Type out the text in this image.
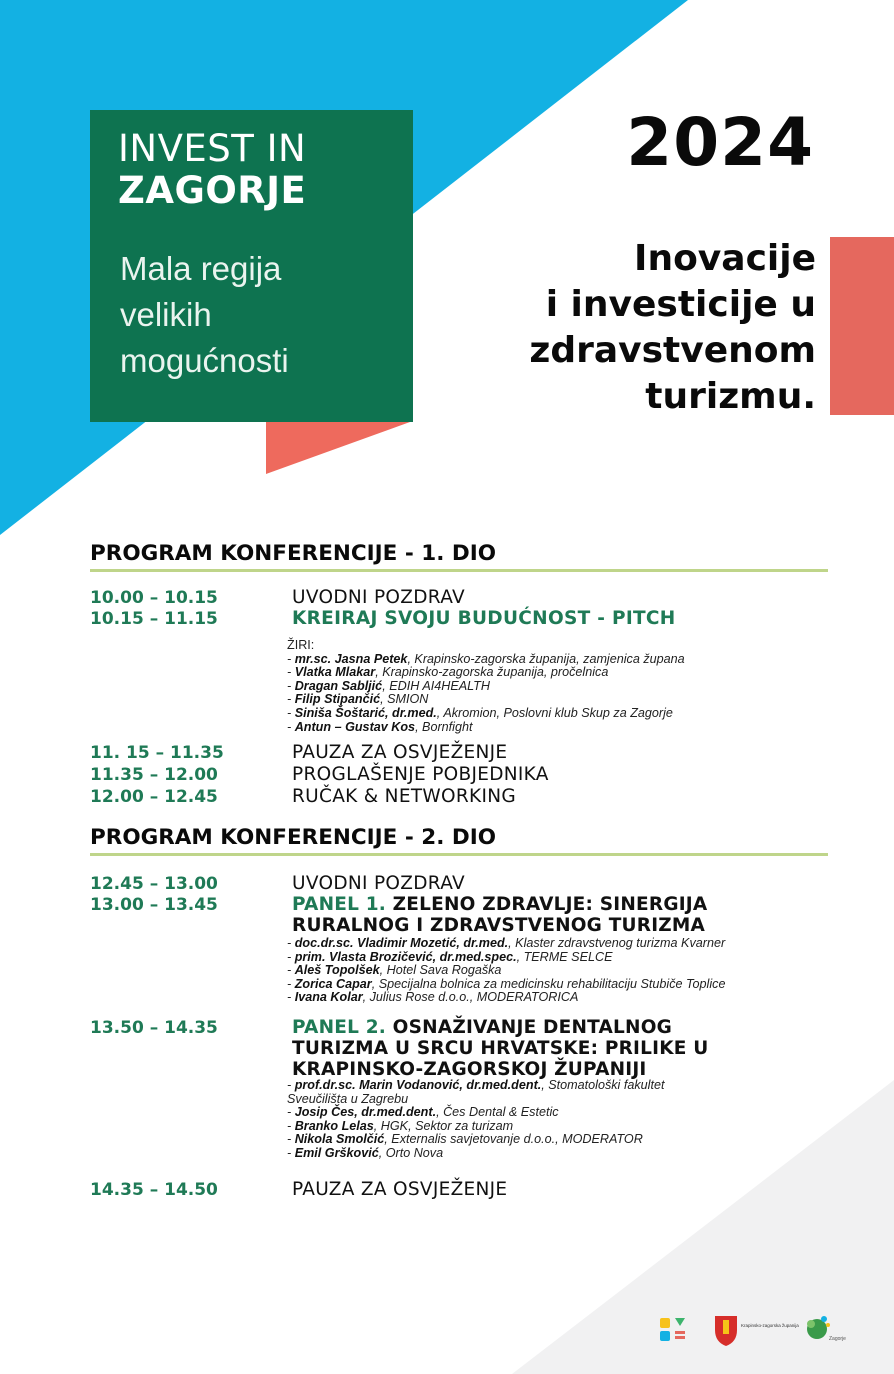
INVEST IN
ZAGORJE
Mala regija
velikih
mogućnosti
2024
Inovacije
i investicije u
zdravstvenom
turizmu.
PROGRAM KONFERENCIJE - 1. DIO
10.00 – 10.15	UVODNI POZDRAV
10.15 – 11.15	KREIRAJ SVOJU BUDUĆNOST - PITCH
ŽIRI:
- mr.sc. Jasna Petek, Krapinsko-zagorska županija, zamjenica župana
- Vlatka Mlakar, Krapinsko-zagorska županija, pročelnica
- Dragan Sabljić, EDIH AI4HEALTH
- Filip Stipančić, SMION
- Siniša Šoštarić, dr.med., Akromion, Poslovni klub Skup za Zagorje
- Antun – Gustav Kos, Bornfight
11. 15 – 11.35	PAUZA ZA OSVJEŽENJE
11.35 – 12.00	PROGLAŠENJE POBJEDNIKA
12.00 – 12.45	RUČAK & NETWORKING
PROGRAM KONFERENCIJE - 2. DIO
12.45 – 13.00	UVODNI POZDRAV
13.00 – 13.45	PANEL 1. ZELENO ZDRAVLJE: SINERGIJA
RURALNOG I ZDRAVSTVENOG TURIZMA
- doc.dr.sc. Vladimir Mozetić, dr.med., Klaster zdravstvenog turizma Kvarner
- prim. Vlasta Brozičević, dr.med.spec., TERME SELCE
- Aleš Topolšek, Hotel Sava Rogaška
- Zorica Capar, Specijalna bolnica za medicinsku rehabilitaciju Stubiče Toplice
- Ivana Kolar, Julius Rose d.o.o., MODERATORICA
13.50 – 14.35	PANEL 2. OSNAŽIVANJE DENTALNOG
TURIZMA U SRCU HRVATSKE: PRILIKE U
KRAPINSKO-ZAGORSKOJ ŽUPANIJI
- prof.dr.sc. Marin Vodanović, dr.med.dent., Stomatološki fakultet
Sveučilišta u Zagrebu
- Josip Čes, dr.med.dent., Čes Dental & Estetic
- Branko Lelas, HGK, Sektor za turizam
- Nikola Smolčić, Externalis savjetovanje d.o.o., MODERATOR
- Emil Gršković, Orto Nova
14.35 – 14.50	PAUZA ZA OSVJEŽENJE
Krapinsko-zagorska županija
Zagorje
